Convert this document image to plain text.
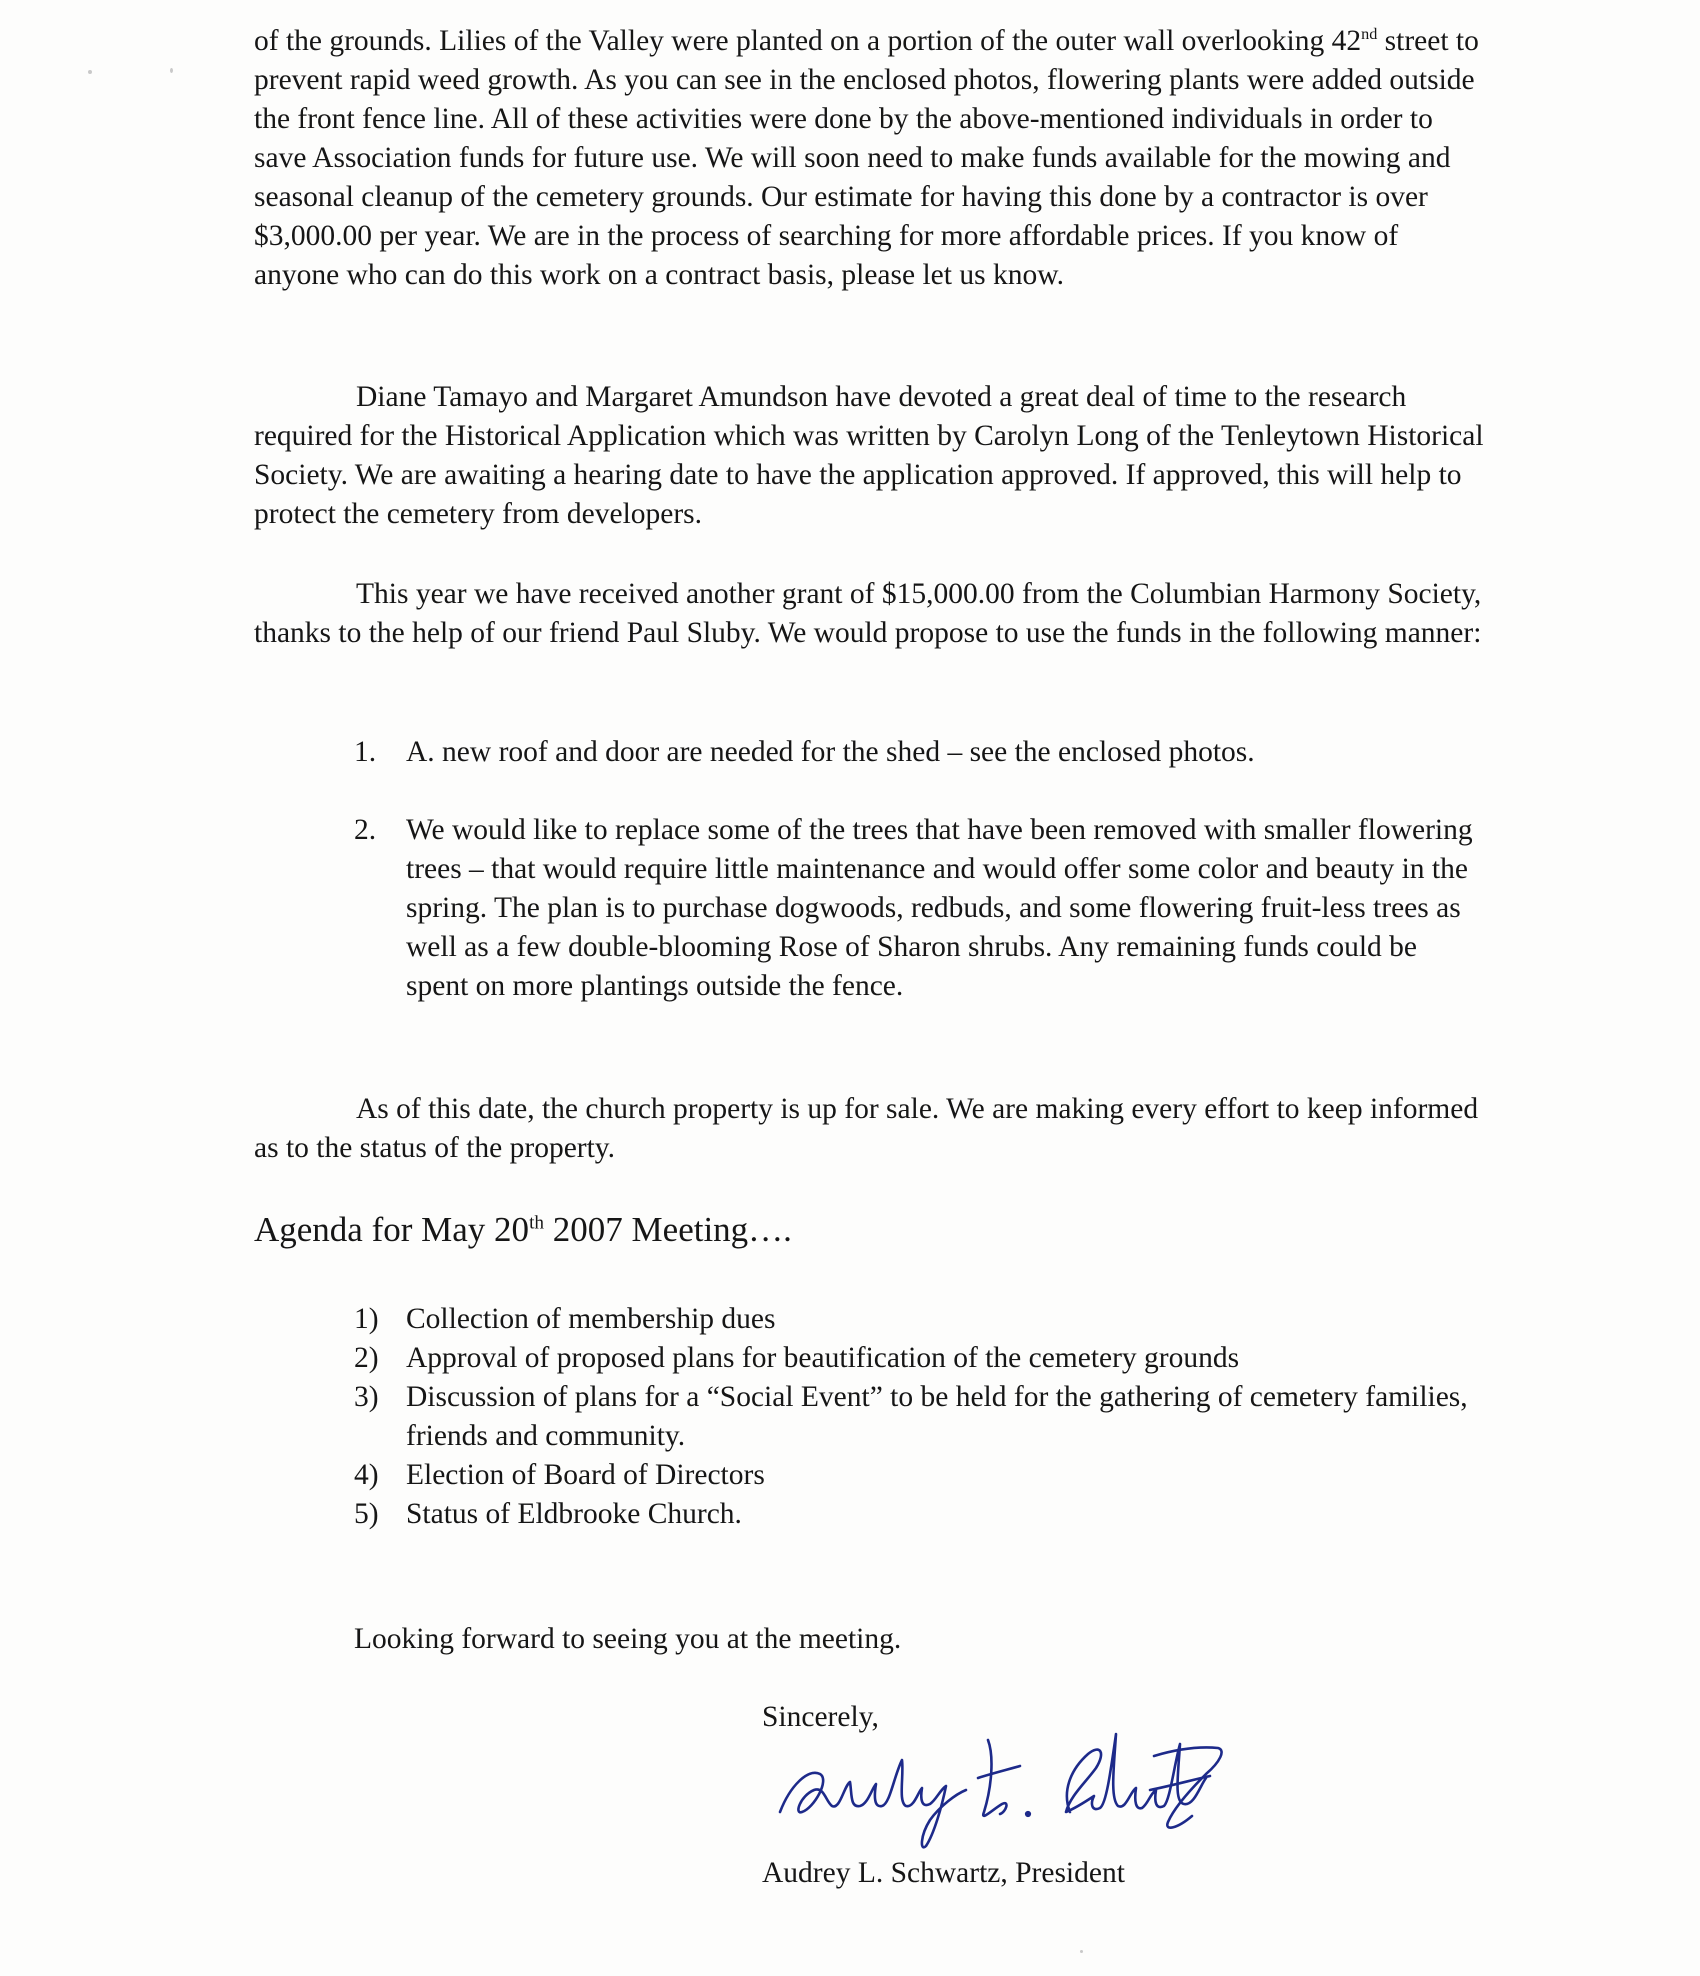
of the grounds. Lilies of the Valley were planted on a portion of the outer wall overlooking 42nd street to prevent rapid weed growth. As you can see in the enclosed photos, flowering plants were added outside the front fence line. All of these activities were done by the above-mentioned individuals in order to save Association funds for future use. We will soon need to make funds available for the mowing and seasonal cleanup of the cemetery grounds. Our estimate for having this done by a contractor is over $3,000.00 per year. We are in the process of searching for more affordable prices. If you know of anyone who can do this work on a contract basis, please let us know.

Diane Tamayo and Margaret Amundson have devoted a great deal of time to the research required for the Historical Application which was written by Carolyn Long of the Tenleytown Historical Society. We are awaiting a hearing date to have the application approved. If approved, this will help to protect the cemetery from developers.

This year we have received another grant of $15,000.00 from the Columbian Harmony Society, thanks to the help of our friend Paul Sluby. We would propose to use the funds in the following manner:

1.	A. new roof and door are needed for the shed – see the enclosed photos.
2.	We would like to replace some of the trees that have been removed with smaller flowering trees – that would require little maintenance and would offer some color and beauty in the spring. The plan is to purchase dogwoods, redbuds, and some flowering fruit-less trees as well as a few double-blooming Rose of Sharon shrubs. Any remaining funds could be spent on more plantings outside the fence.

As of this date, the church property is up for sale. We are making every effort to keep informed as to the status of the property.

Agenda for May 20th 2007 Meeting….
1) Collection of membership dues
2) Approval of proposed plans for beautification of the cemetery grounds
3) Discussion of plans for a “Social Event” to be held for the gathering of cemetery families, friends and community.
4) Election of Board of Directors
5) Status of Eldbrooke Church.
Looking forward to seeing you at the meeting.
Sincerely,
Audrey L. Schwartz, President
